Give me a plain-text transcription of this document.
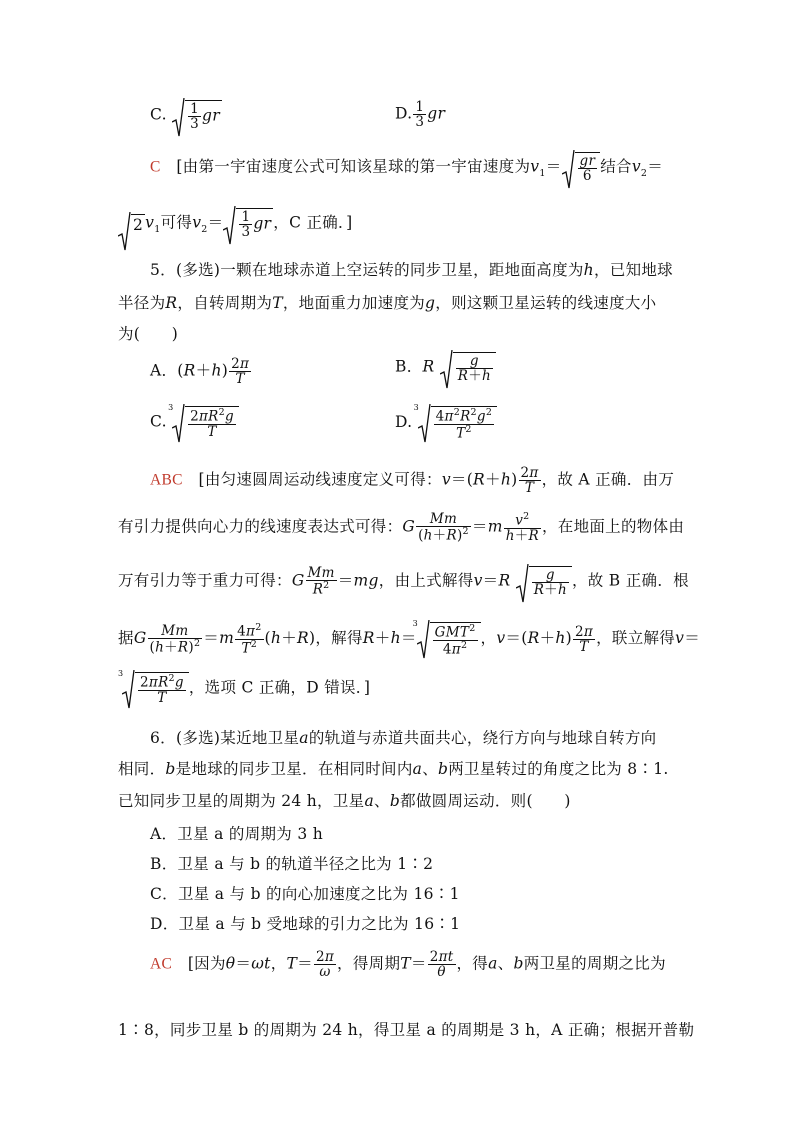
C. $\frac{1}{3}$ gr	D. $\frac{1}{3}$ gr
C [由第一宇宙速度公式可知该星球的第一宇宙速度为$v_1= \frac{gr}{6}$ 结合$v_2=$
2 $v_1$可得$v_2= \frac{1}{3}$ gr ，C 正确．]
5．(多选)一颗在地球赤道上空运转的同步卫星，距地面高度为h，已知地球
半径为R，自转周期为T，地面重力加速度为g，则这颗卫星运转的线速度大小
为(　　)
A．$(R+h) \frac{2\pi}{T}$	B．R $\frac{g}{R+h}$
C.
3
$\frac{2\pi R^2g}{T}$	D.
3
$\frac{4\pi^2R^2g^2}{T^2}$
ABC [由匀速圆周运动线速度定义可得：$v=(R+h) \frac{2\pi}{T}$ ，故 A 正确．由万
有引力提供向心力的线速度表达式可得：G $\frac{Mm}{(h+R)^2} =m \frac{v^2}{h+R}$ ，在地面上的物体由
万有引力等于重力可得：G $\frac{Mm}{R^2} =mg$，由上式解得$v=R \frac{g}{R+h}$ ，故 B 正确．根
据G $\frac{Mm}{(h+R)^2} =m \frac{4\pi^2}{T^2} (h+R)$，解得R＋h＝
3
$\frac{GMT^2}{4\pi^2}$ ，$v=(R+h) \frac{2\pi}{T}$ ，联立解得v＝
3
$\frac{2\pi R^2g}{T}$ ，选项 C 正确，D 错误．]
6．(多选)某近地卫星a的轨道与赤道共面共心，绕行方向与地球自转方向
相同．b是地球的同步卫星．在相同时间内a、b两卫星转过的角度之比为 8∶1.
已知同步卫星的周期为 24 h，卫星a、b都做圆周运动．则(　　)
A．卫星 a 的周期为 3 h
B．卫星 a 与 b 的轨道半径之比为 1∶2
C．卫星 a 与 b 的向心加速度之比为 16∶1
D．卫星 a 与 b 受地球的引力之比为 16∶1
AC [因为θ＝ωt，$T= \frac{2\pi}{\omega}$ ，得周期$T= \frac{2\pi t}{\theta}$ ，得a、b两卫星的周期之比为
1∶8，同步卫星 b 的周期为 24 h，得卫星 a 的周期是 3 h，A 正确；根据开普勒
